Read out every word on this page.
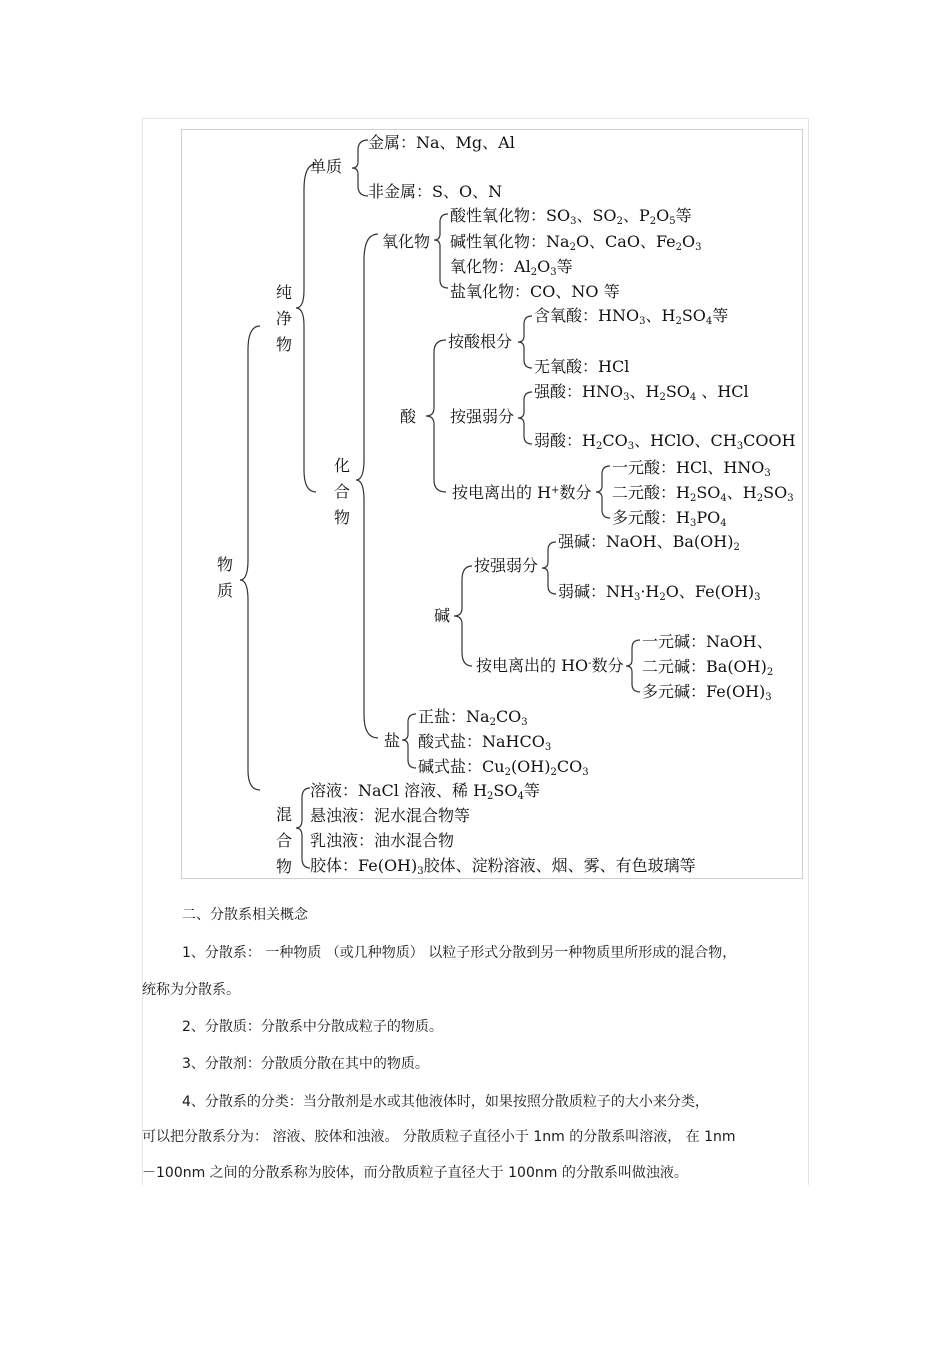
物质
纯净物
混合物
单质
金属：Na、Mg、Al
非金属：S、O、N
化合物
氧化物
酸性氧化物：$SO_3$、$SO_2$、$P_2O_5$等
碱性氧化物：$Na_2O$、CaO、$Fe_2O_3$
氧化物：$Al_2O_3$等
盐氧化物：CO、NO 等
酸
按酸根分
含氧酸：$HNO_3$、$H_2SO_4$等
无氧酸：HCl
按强弱分
强酸：$HNO_3$、$H_2SO_4$ 、HCl
弱酸：$H_2CO_3$、HClO、$CH_3COOH$
按电离出的 H+数分
一元酸：HCl、$HNO_3$
二元酸：$H_2SO_4$、$H_2SO_3$
多元酸：$H_3PO_4$
碱
按强弱分
强碱：NaOH、$Ba(OH)_2$
弱碱：$NH_3\cdot H_2O$、$Fe(OH)_3$
按电离出的 HO-数分
一元碱：NaOH、
二元碱：$Ba(OH)_2$
多元碱：$Fe(OH)_3$
盐
正盐：$Na_2CO_3$
酸式盐：NaHCO$_3$
碱式盐：$Cu_2(OH)_2CO_3$
溶液：NaCl 溶液、稀 $H_2SO_4$等
悬浊液：泥水混合物等
乳浊液：油水混合物
胶体：$Fe(OH)_3$胶体、淀粉溶液、烟、雾、有色玻璃等
二、分散系相关概念
1、分散系： 一种物质 （或几种物质） 以粒子形式分散到另一种物质里所形成的混合物，
统称为分散系。
2、分散质：分散系中分散成粒子的物质。
3、分散剂：分散质分散在其中的物质。
4、分散系的分类：当分散剂是水或其他液体时，如果按照分散质粒子的大小来分类，
可以把分散系分为： 溶液、胶体和浊液。 分散质粒子直径小于 1nm 的分散系叫溶液， 在 1nm
－100nm 之间的分散系称为胶体，而分散质粒子直径大于 100nm 的分散系叫做浊液。
